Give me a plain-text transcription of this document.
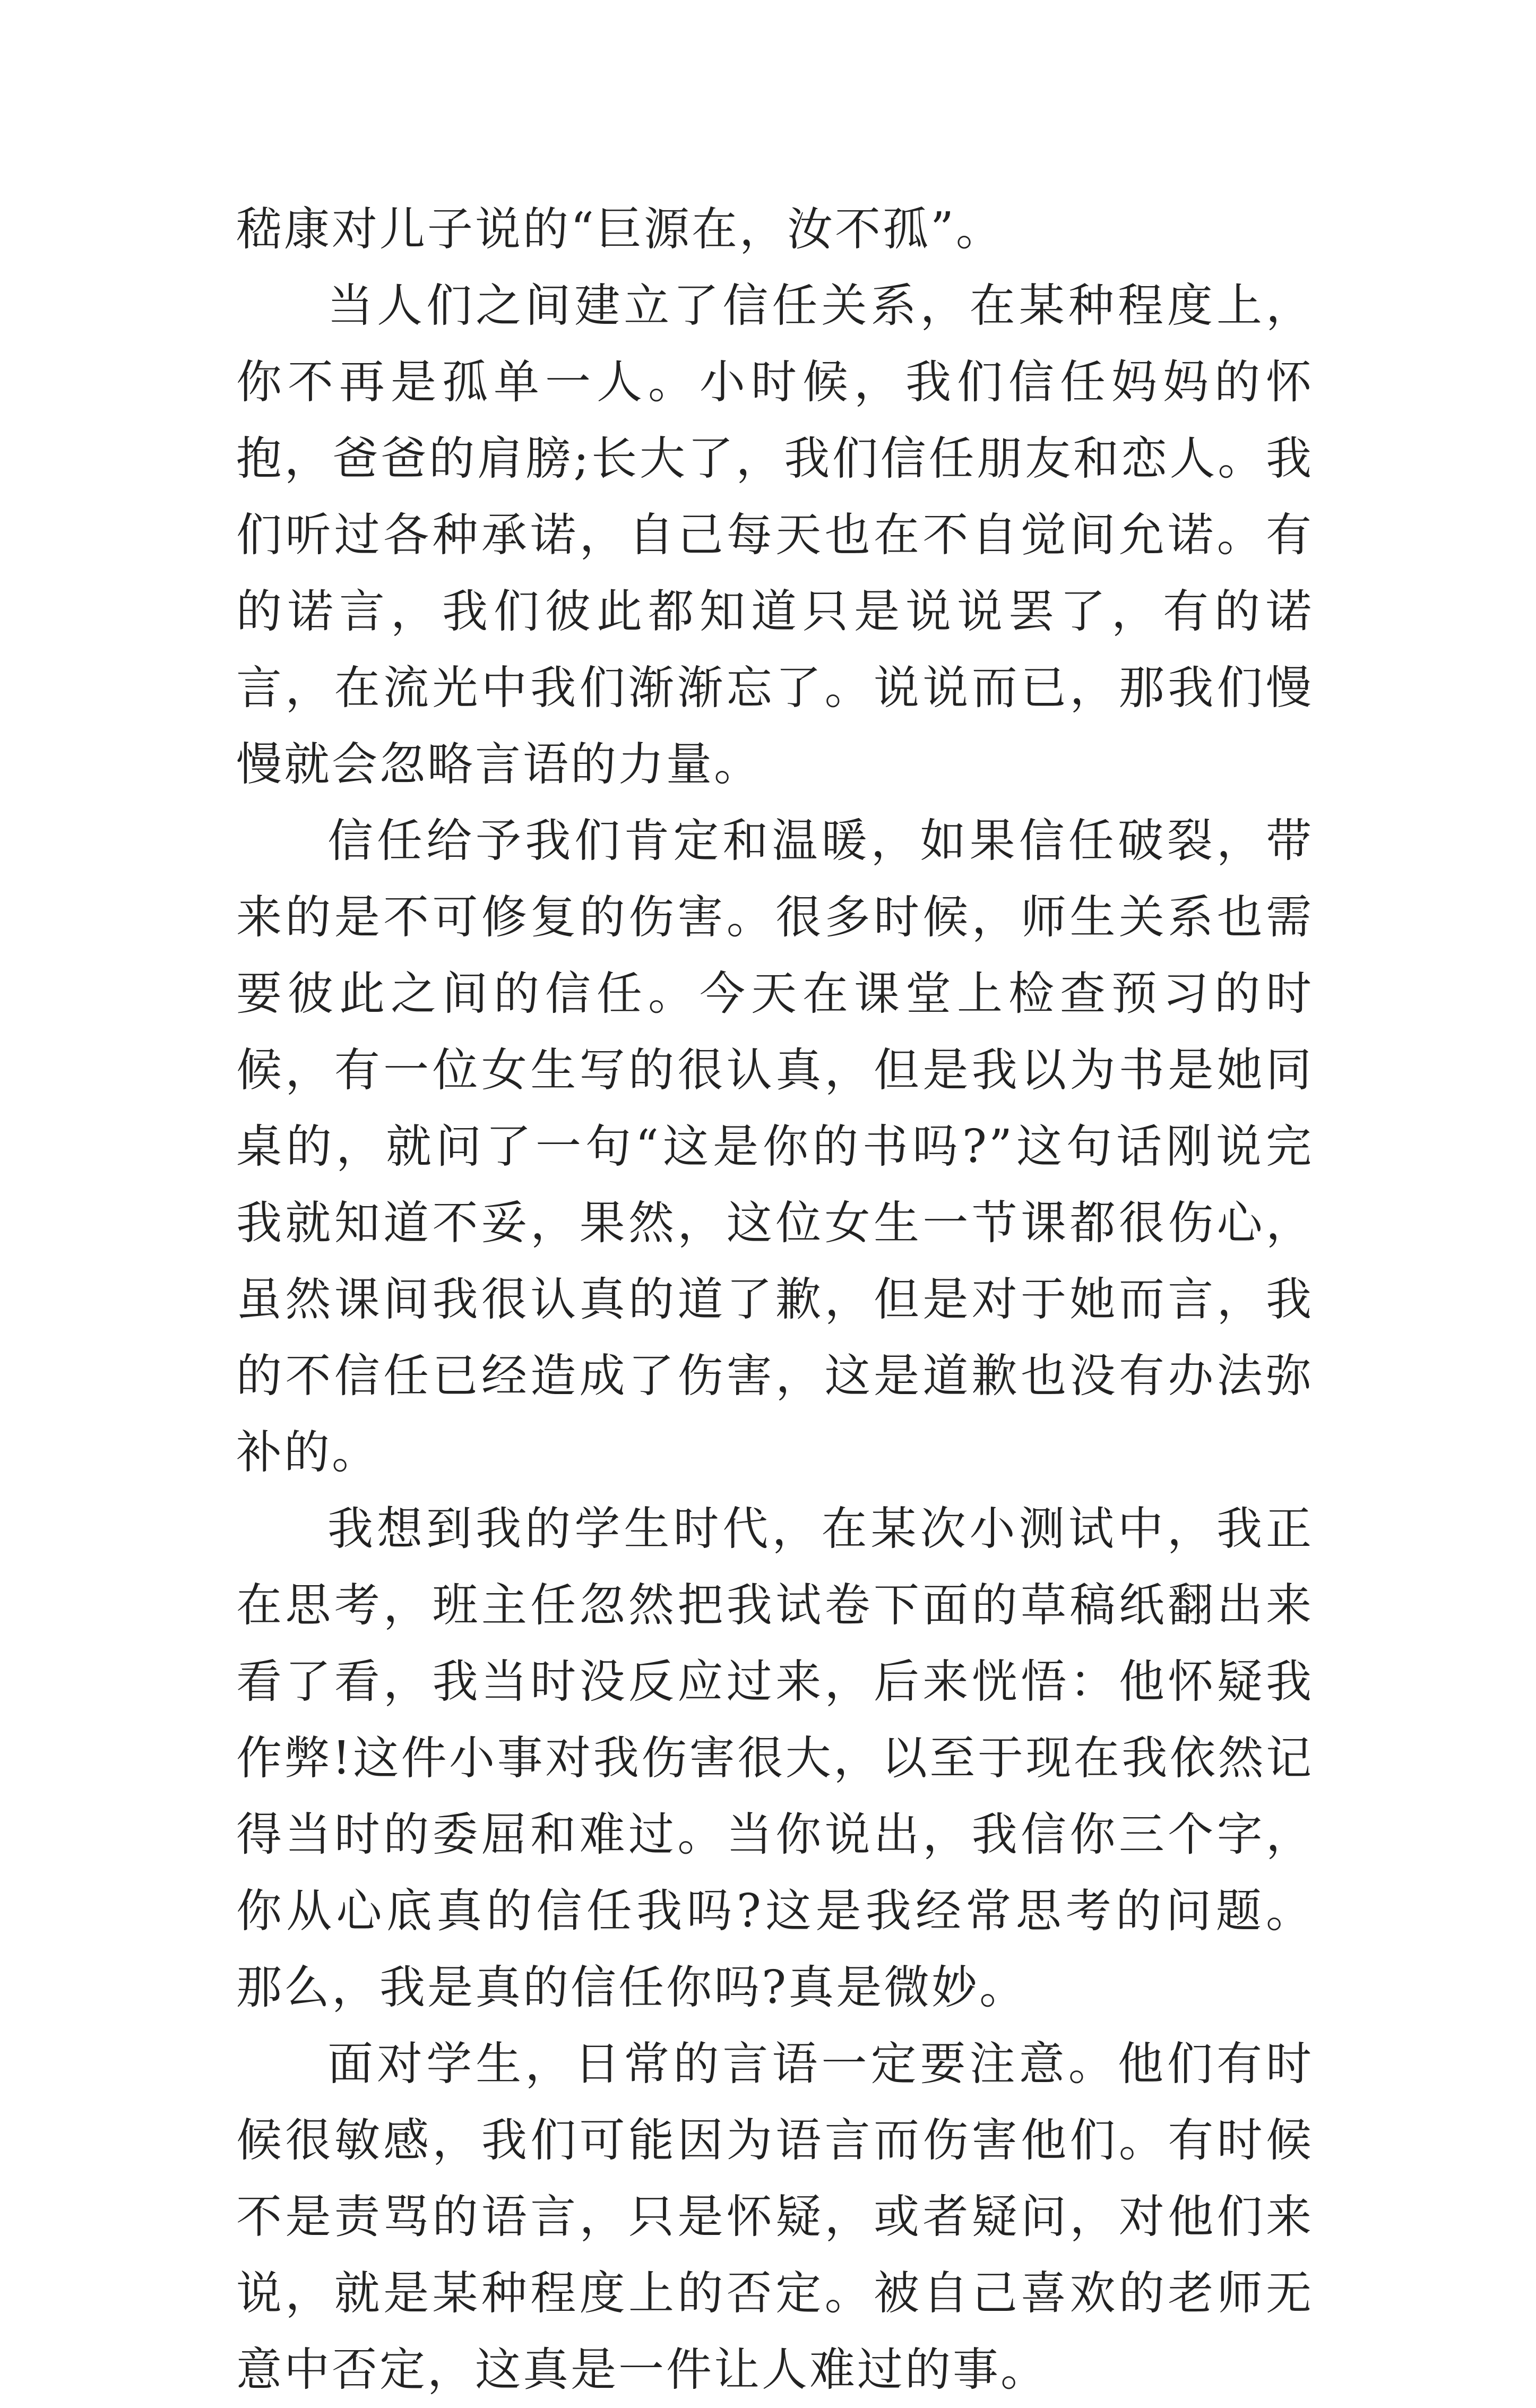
嵇康对儿子说的“巨源在，汝不孤”。

当人们之间建立了信任关系，在某种程度上，你不再是孤单一人。小时候，我们信任妈妈的怀抱，爸爸的肩膀;长大了，我们信任朋友和恋人。我们听过各种承诺，自己每天也在不自觉间允诺。有的诺言，我们彼此都知道只是说说罢了，有的诺言，在流光中我们渐渐忘了。说说而已，那我们慢慢就会忽略言语的力量。

信任给予我们肯定和温暖，如果信任破裂，带来的是不可修复的伤害。很多时候，师生关系也需要彼此之间的信任。今天在课堂上检查预习的时候，有一位女生写的很认真，但是我以为书是她同桌的，就问了一句“这是你的书吗?”这句话刚说完我就知道不妥，果然，这位女生一节课都很伤心，虽然课间我很认真的道了歉，但是对于她而言，我的不信任已经造成了伤害，这是道歉也没有办法弥补的。

我想到我的学生时代，在某次小测试中，我正在思考，班主任忽然把我试卷下面的草稿纸翻出来看了看，我当时没反应过来，后来恍悟：他怀疑我作弊!这件小事对我伤害很大，以至于现在我依然记得当时的委屈和难过。当你说出，我信你三个字，你从心底真的信任我吗?这是我经常思考的问题。那么，我是真的信任你吗?真是微妙。

面对学生，日常的言语一定要注意。他们有时候很敏感，我们可能因为语言而伤害他们。有时候不是责骂的语言，只是怀疑，或者疑问，对他们来说，就是某种程度上的否定。被自己喜欢的老师无意中否定，这真是一件让人难过的事。
